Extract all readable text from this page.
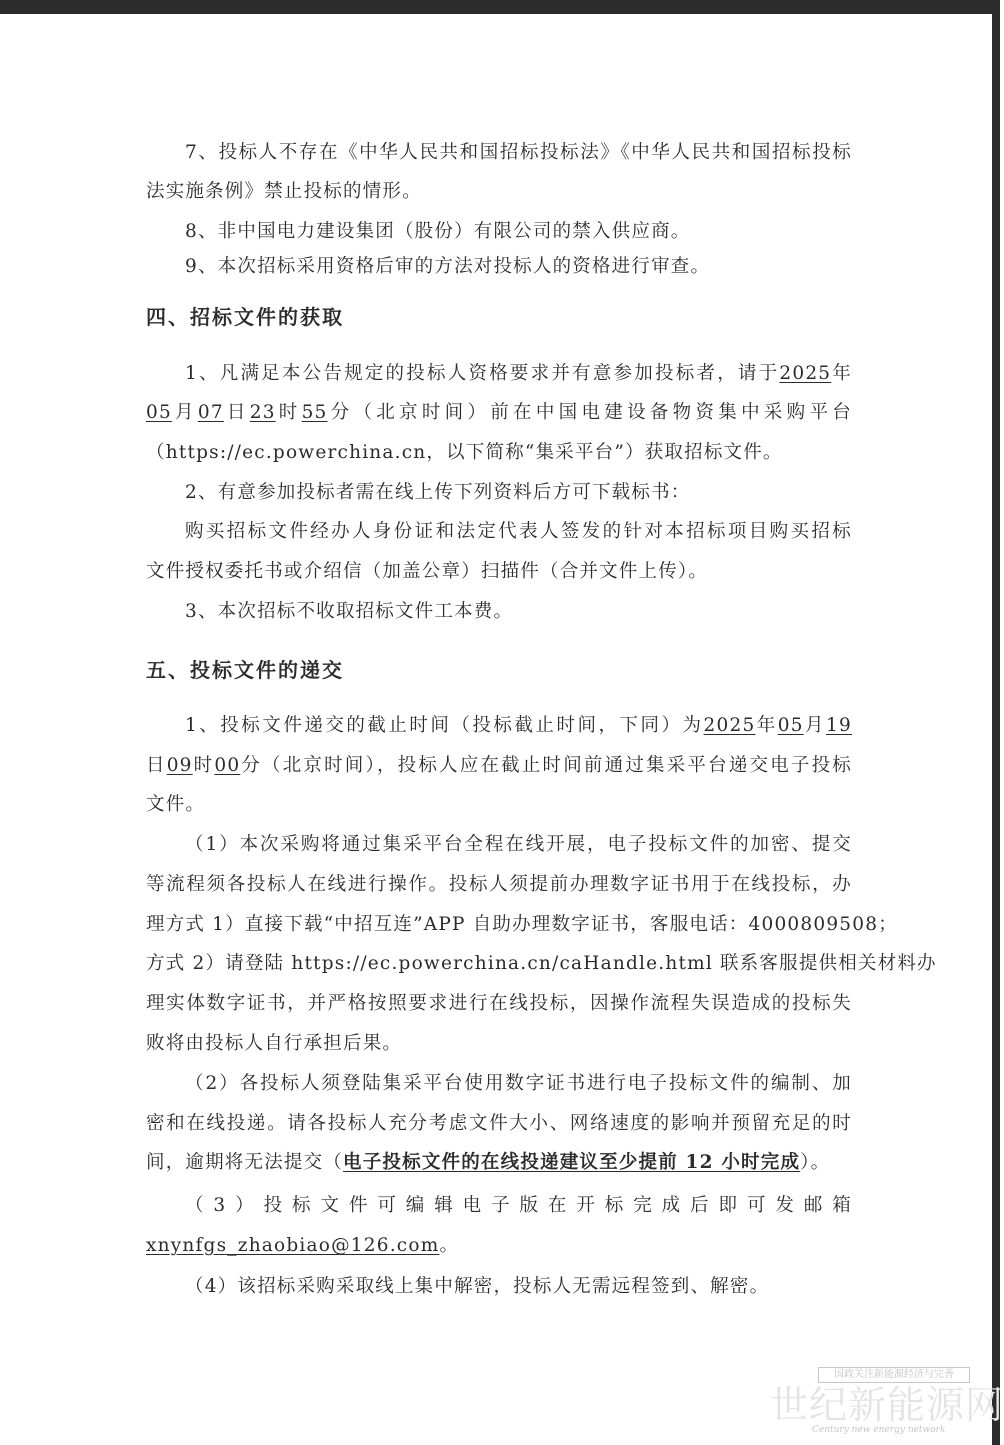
7、投标人不存在《中华人民共和国招标投标法》《中华人民共和国招标投标
法实施条例》禁止投标的情形。
8、非中国电力建设集团（股份）有限公司的禁入供应商。
9、本次招标采用资格后审的方法对投标人的资格进行审查。
四、招标文件的获取
1、凡满足本公告规定的投标人资格要求并有意参加投标者，请于2025年
05月07日23时55分（北京时间）前在中国电建设备物资集中采购平台
（https://ec.powerchina.cn，以下简称“集采平台”）获取招标文件。
2、有意参加投标者需在线上传下列资料后方可下载标书：
购买招标文件经办人身份证和法定代表人签发的针对本招标项目购买招标
文件授权委托书或介绍信（加盖公章）扫描件（合并文件上传）。
3、本次招标不收取招标文件工本费。
五、投标文件的递交
1、投标文件递交的截止时间（投标截止时间，下同）为2025年05月19
日09时00分（北京时间），投标人应在截止时间前通过集采平台递交电子投标
文件。
（1）本次采购将通过集采平台全程在线开展，电子投标文件的加密、提交
等流程须各投标人在线进行操作。投标人须提前办理数字证书用于在线投标，办
理方式 1）直接下载“中招互连”APP 自助办理数字证书，客服电话：4000809508；
方式 2）请登陆 https://ec.powerchina.cn/caHandle.html 联系客服提供相关材料办
理实体数字证书，并严格按照要求进行在线投标，因操作流程失误造成的投标失
败将由投标人自行承担后果。
（2）各投标人须登陆集采平台使用数字证书进行电子投标文件的编制、加
密和在线投递。请各投标人充分考虑文件大小、网络速度的影响并预留充足的时
间，逾期将无法提交（电子投标文件的在线投递建议至少提前 12 小时完成）。
（3）投标文件可编辑电子版在开标完成后即可发邮箱
xnynfgs_zhaobiao@126.com。
（4）该招标采购采取线上集中解密，投标人无需远程签到、解密。
国政关注新能源经济与完善
世纪新能源网
Century new energy network
